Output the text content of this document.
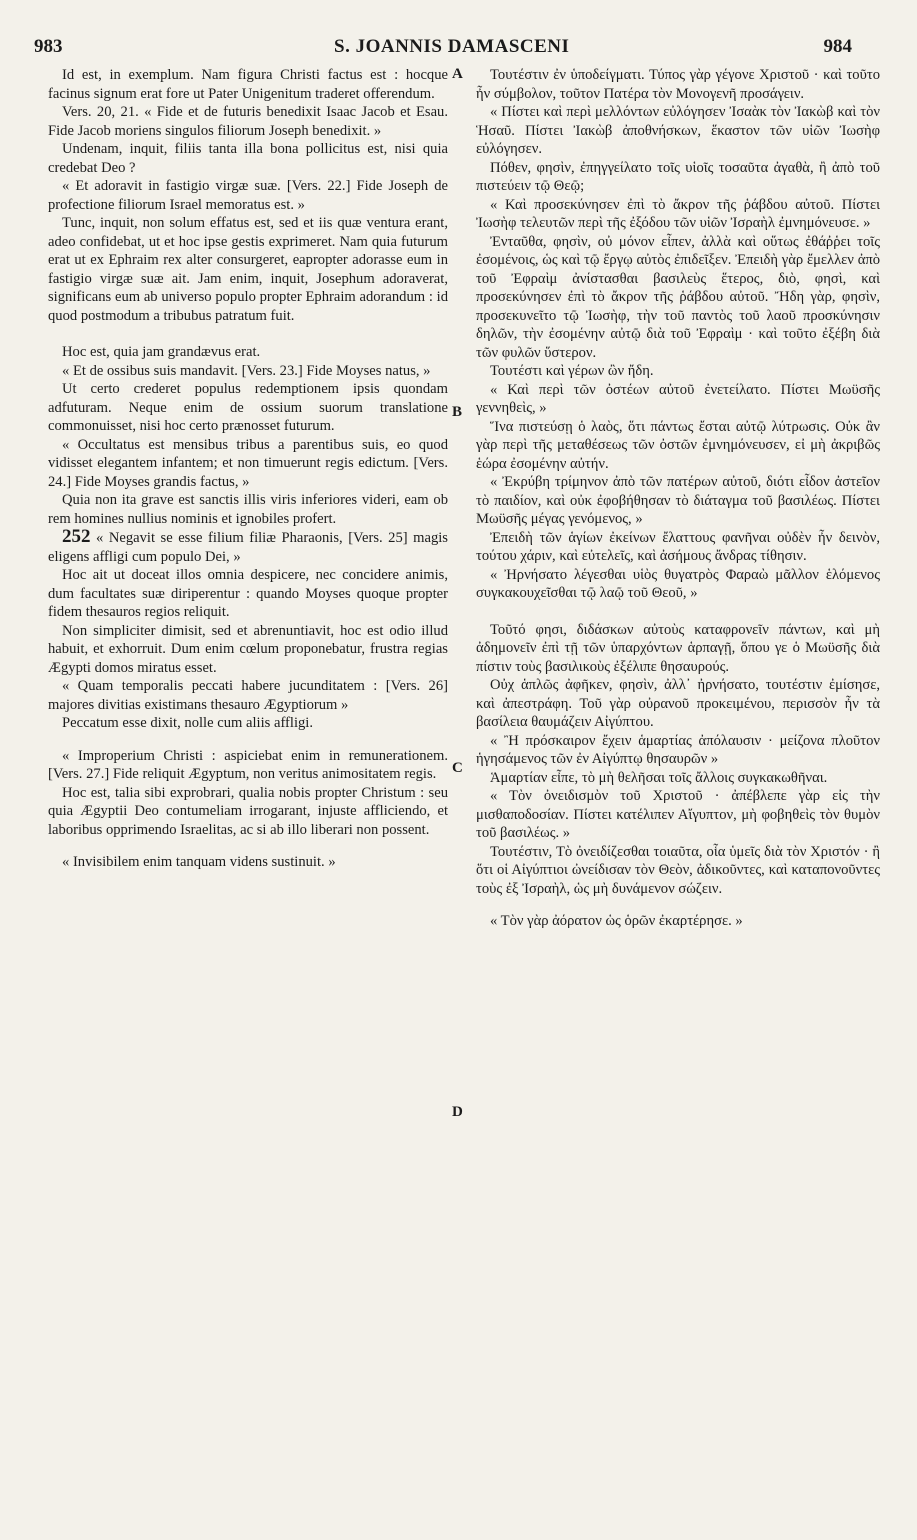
983	S. JOANNIS DAMASCENI	984
A
B
C
D

Id est, in exemplum. Nam figura Christi factus est : hocque facinus signum erat fore ut Pater Unigenitum traderet offerendum.

Vers. 20, 21. « Fide et de futuris benedixit Isaac Jacob et Esau. Fide Jacob moriens singulos filiorum Joseph benedixit. »

Undenam, inquit, filiis tanta illa bona pollicitus est, nisi quia credebat Deo ?

« Et adoravit in fastigio virgæ suæ. [Vers. 22.] Fide Joseph de profectione filiorum Israel memoratus est. »

Tunc, inquit, non solum effatus est, sed et iis quæ ventura erant, adeo confidebat, ut et hoc ipse gestis exprimeret. Nam quia futurum erat ut ex Ephraim rex alter consurgeret, eapropter adorasse eum in fastigio virgæ suæ ait. Jam enim, inquit, Josephum adoraverat, significans eum ab universo populo propter Ephraim adorandum : id quod postmodum a tribubus patratum fuit.

Hoc est, quia jam grandævus erat.

« Et de ossibus suis mandavit. [Vers. 23.] Fide Moyses natus, »

Ut certo crederet populus redemptionem ipsis quondam adfuturam. Neque enim de ossium suorum translatione commonuisset, nisi hoc certo prænosset futurum.

« Occultatus est mensibus tribus a parentibus suis, eo quod vidisset elegantem infantem; et non timuerunt regis edictum. [Vers. 24.] Fide Moyses grandis factus, »

Quia non ita grave est sanctis illis viris inferiores videri, eam ob rem homines nullius nominis et ignobiles profert.

252 « Negavit se esse filium filiæ Pharaonis, [Vers. 25] magis eligens affligi cum populo Dei, »

Hoc ait ut doceat illos omnia despicere, nec concidere animis, dum facultates suæ diriperentur : quando Moyses quoque propter fidem thesauros regios reliquit.

Non simpliciter dimisit, sed et abrenuntiavit, hoc est odio illud habuit, et exhorruit. Dum enim cœlum proponebatur, frustra regias Ægypti domos miratus esset.

« Quam temporalis peccati habere jucunditatem : [Vers. 26] majores divitias existimans thesauro Ægyptiorum »

Peccatum esse dixit, nolle cum aliis affligi.

« Improperium Christi : aspiciebat enim in remunerationem. [Vers. 27.] Fide reliquit Ægyptum, non veritus animositatem regis.

Hoc est, talia sibi exprobrari, qualia nobis propter Christum : seu quia Ægyptii Deo contumeliam irrogarant, injuste affliciendo, et laboribus opprimendo Israelitas, ac si ab illo liberari non possent.

« Invisibilem enim tanquam videns sustinuit. »

Τουτέστιν ἐν ὑποδείγματι. Τύπος γὰρ γέγονε Χριστοῦ · καὶ τοῦτο ἦν σύμβολον, τοῦτον Πατέρα τὸν Μονογενῆ προσάγειν.

« Πίστει καὶ περὶ μελλόντων εὐλόγησεν Ἰσαὰκ τὸν Ἰακὼβ καὶ τὸν Ἡσαῦ. Πίστει Ἰακὼβ ἀποθνήσκων, ἕκαστον τῶν υἱῶν Ἰωσὴφ εὐλόγησεν.

Πόθεν, φησὶν, ἐπηγγείλατο τοῖς υἱοῖς τοσαῦτα ἀγαθὰ, ἢ ἀπὸ τοῦ πιστεύειν τῷ Θεῷ;

« Καὶ προσεκύνησεν ἐπὶ τὸ ἄκρον τῆς ῥάβδου αὐτοῦ. Πίστει Ἰωσὴφ τελευτῶν περὶ τῆς ἐξόδου τῶν υἱῶν Ἰσραὴλ ἐμνημόνευσε. »

Ἐνταῦθα, φησὶν, οὐ μόνον εἶπεν, ἀλλὰ καὶ οὕτως ἐθάῤῥει τοῖς ἐσομένοις, ὡς καὶ τῷ ἔργῳ αὐτὸς ἐπιδεῖξεν. Ἐπειδὴ γὰρ ἔμελλεν ἀπὸ τοῦ Ἐφραὶμ ἀνίστασθαι βασιλεὺς ἕτερος, διὸ, φησὶ, καὶ προσεκύνησεν ἐπὶ τὸ ἄκρον τῆς ῥάβδου αὐτοῦ. Ἤδη γὰρ, φησὶν, προσεκυνεῖτο τῷ Ἰωσὴφ, τὴν τοῦ παντὸς τοῦ λαοῦ προσκύνησιν δηλῶν, τὴν ἐσομένην αὐτῷ διὰ τοῦ Ἐφραὶμ · καὶ τοῦτο ἐξέβη διὰ τῶν φυλῶν ὕστερον.

Τουτέστι καὶ γέρων ὢν ἤδη.

« Καὶ περὶ τῶν ὀστέων αὐτοῦ ἐνετείλατο. Πίστει Μωϋσῆς γεννηθεὶς, »

Ἵνα πιστεύσῃ ὁ λαὸς, ὅτι πάντως ἔσται αὐτῷ λύτρωσις. Οὐκ ἂν γὰρ περὶ τῆς μεταθέσεως τῶν ὀστῶν ἐμνημόνευσεν, εἰ μὴ ἀκριβῶς ἑώρα ἐσομένην αὐτήν.

« Ἐκρύβη τρίμηνον ἀπὸ τῶν πατέρων αὐτοῦ, διότι εἶδον ἀστεῖον τὸ παιδίον, καὶ οὐκ ἐφοβήθησαν τὸ διάταγμα τοῦ βασιλέως. Πίστει Μωϋσῆς μέγας γενόμενος, »

Ἐπειδὴ τῶν ἁγίων ἐκείνων ἔλαττους φανῆναι οὐδὲν ἦν δεινὸν, τούτου χάριν, καὶ εὐτελεῖς, καὶ ἀσήμους ἄνδρας τίθησιν.

« Ἠρνήσατο λέγεσθαι υἱὸς θυγατρὸς Φαραὼ μᾶλλον ἑλόμενος συγκακουχεῖσθαι τῷ λαῷ τοῦ Θεοῦ, »

Τοῦτό φησι, διδάσκων αὐτοὺς καταφρονεῖν πάντων, καὶ μὴ ἀδημονεῖν ἐπὶ τῇ τῶν ὑπαρχόντων ἁρπαγῇ, ὅπου γε ὁ Μωϋσῆς διὰ πίστιν τοὺς βασιλικοὺς ἐξέλιπε θησαυρούς.

Οὐχ ἁπλῶς ἀφῆκεν, φησὶν, ἀλλ᾽ ἠρνήσατο, τουτέστιν ἐμίσησε, καὶ ἀπεστράφη. Τοῦ γὰρ οὐρανοῦ προκειμένου, περισσὸν ἦν τὰ βασίλεια θαυμάζειν Αἰγύπτου.

« Ἢ πρόσκαιρον ἔχειν ἁμαρτίας ἀπόλαυσιν · μείζονα πλοῦτον ἡγησάμενος τῶν ἐν Αἰγύπτῳ θησαυρῶν »

Ἁμαρτίαν εἶπε, τὸ μὴ θελῆσαι τοῖς ἄλλοις συγκακωθῆναι.

« Τὸν ὀνειδισμὸν τοῦ Χριστοῦ · ἀπέβλεπε γὰρ εἰς τὴν μισθαποδοσίαν. Πίστει κατέλιπεν Αἴγυπτον, μὴ φοβηθεὶς τὸν θυμὸν τοῦ βασιλέως. »

Τουτέστιν, Τὸ ὀνειδίζεσθαι τοιαῦτα, οἷα ὑμεῖς διὰ τὸν Χριστόν · ἢ ὅτι οἱ Αἰγύπτιοι ὠνείδισαν τὸν Θεὸν, ἀδικοῦντες, καὶ καταπονοῦντες τοὺς ἐξ Ἰσραὴλ, ὡς μὴ δυνάμενον σώζειν.

« Τὸν γὰρ ἀόρατον ὡς ὁρῶν ἐκαρτέρησε. »
